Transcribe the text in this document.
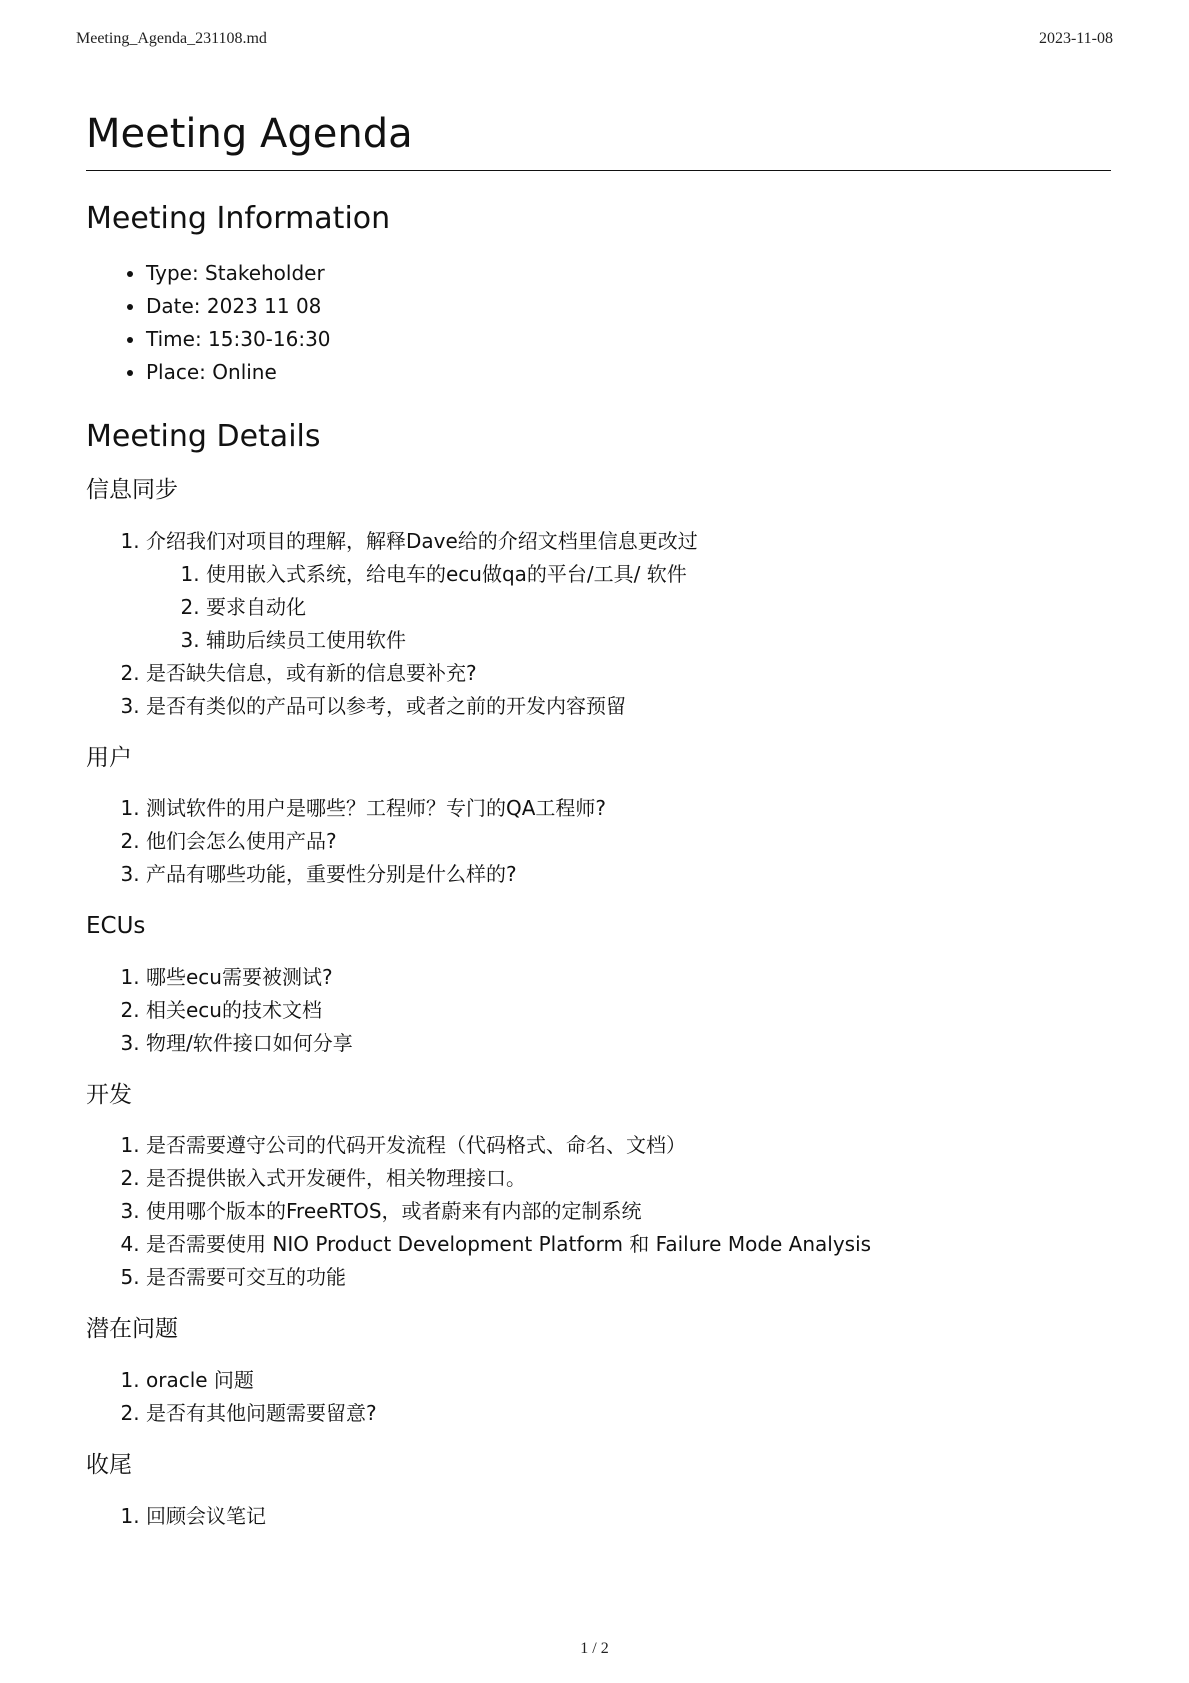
Meeting_Agenda_231108.md	2023-11-08
Meeting Agenda
Meeting Information
• Type: Stakeholder
• Date: 2023 11 08
• Time: 15:30-16:30
• Place: Online
Meeting Details
信息同步
1. 介绍我们对项目的理解，解释Dave给的介绍文档里信息更改过
1. 使用嵌入式系统，给电车的ecu做qa的平台/工具/ 软件
2. 要求自动化
3. 辅助后续员工使用软件
2. 是否缺失信息，或有新的信息要补充?
3. 是否有类似的产品可以参考，或者之前的开发内容预留
用户
1. 测试软件的用户是哪些？工程师？专门的QA工程师?
2. 他们会怎么使用产品?
3. 产品有哪些功能，重要性分别是什么样的?
ECUs
1. 哪些ecu需要被测试?
2. 相关ecu的技术文档
3. 物理/软件接口如何分享
开发
1. 是否需要遵守公司的代码开发流程（代码格式、命名、文档）
2. 是否提供嵌入式开发硬件，相关物理接口。
3. 使用哪个版本的FreeRTOS，或者蔚来有内部的定制系统
4. 是否需要使用 NIO Product Development Platform 和 Failure Mode Analysis
5. 是否需要可交互的功能
潜在问题
1. oracle 问题
2. 是否有其他问题需要留意?
收尾
1. 回顾会议笔记
1 / 2
